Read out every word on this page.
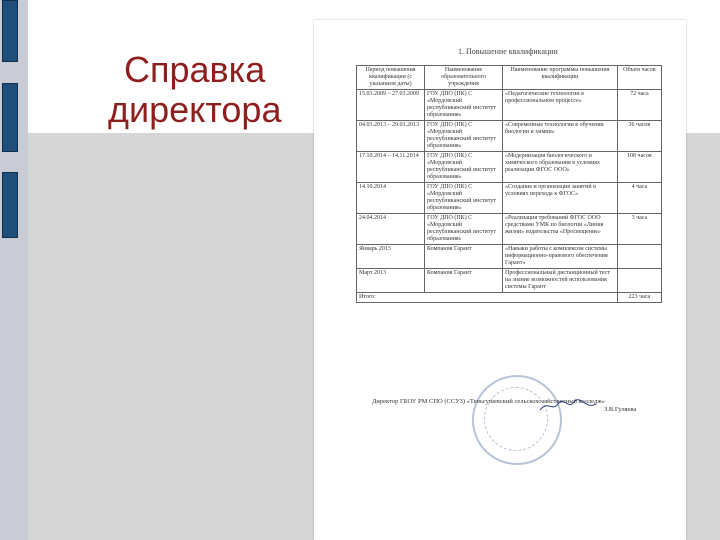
Справка
директора
1. Повышение квалификации
Период повышения квалификации (с указанием даты)	Наименование образовательного учреждения	Наименование программы повышения квалификации	Объем часов
15.03.2009 – 27.03.2009	ГОУ ДПО (ПК) С «Мордовский республиканский институт образования»	«Педагогические технологии в профессиональном процессе»	72 часа
04.03.2013 – 29.03.2013	ГОУ ДПО (ПК) С «Мордовский республиканский институт образования»	«Современные технологии в обучении биологии и химии»	36 часов
17.10.2014 – 14.11.2014	ГОУ ДПО (ПК) С «Мордовский республиканский институт образования»	«Модернизация биологического и химического образования в условиях реализации ФГОС ООО»	108 часов
14.10.2014	ГОУ ДПО (ПК) С «Мордовский республиканский институт образования»	«Создание и организация занятий в условиях перехода к ФГОС»	4 часа
24.04.2014	ГОУ ДПО (ПК) С «Мордовский республиканский институт образования»	«Реализация требований ФГОС ООО средствами УМК по биологии «Линия жизни» издательства «Просвещение»	3 часа
Январь 2013	Компания Гарант	«Навыки работы с комплексом системы информационно-правового обеспечения Гарант»	
Март 2013	Компания Гарант	Профессиональный дистанционный тест на знание возможностей использования системы Гарант	
Итого:			223 часа
Директор ГБОУ РМ СПО (ССУЗ) «Теньгушевский сельскохозяйственный колледж»
З.В.Гуляева
